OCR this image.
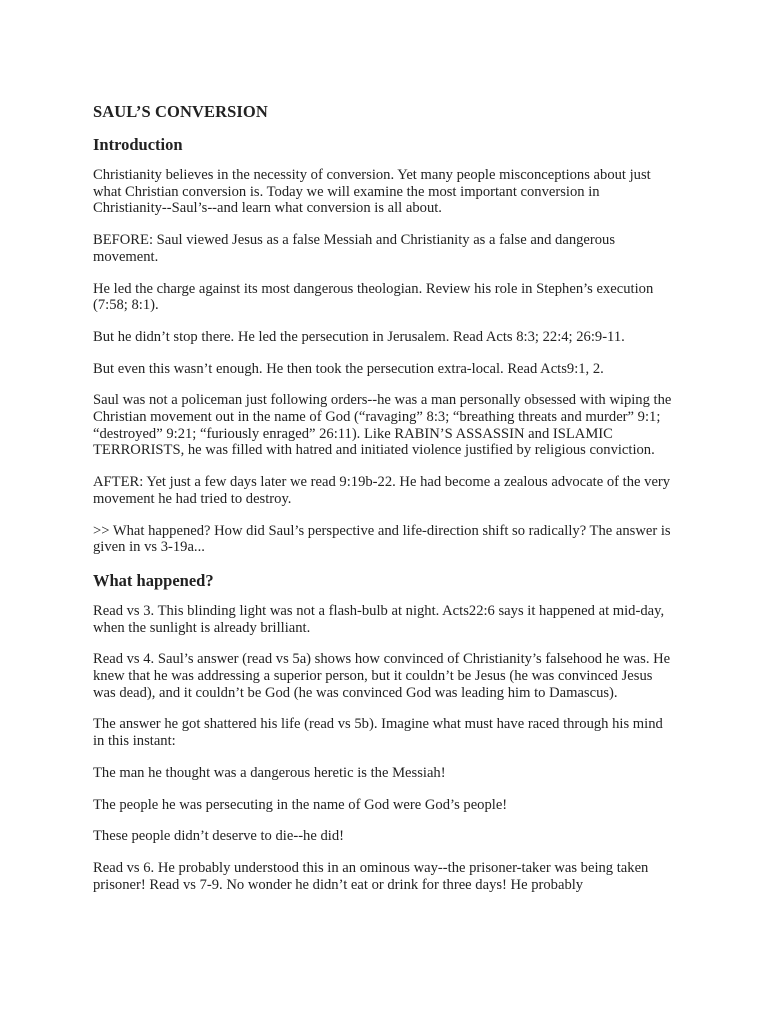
SAUL’S CONVERSION
Introduction

Christianity believes in the necessity of conversion. Yet many people misconceptions about just what Christian conversion is. Today we will examine the most important conversion in Christianity--Saul’s--and learn what conversion is all about.

BEFORE: Saul viewed Jesus as a false Messiah and Christianity as a false and dangerous movement.

He led the charge against its most dangerous theologian. Review his role in Stephen’s execution (7:58; 8:1).

But he didn’t stop there. He led the persecution in Jerusalem. Read Acts 8:3; 22:4; 26:9-11.

But even this wasn’t enough. He then took the persecution extra-local. Read Acts9:1, 2.

Saul was not a policeman just following orders--he was a man personally obsessed with wiping the Christian movement out in the name of God (“ravaging” 8:3; “breathing threats and murder” 9:1; “destroyed” 9:21; “furiously enraged” 26:11). Like RABIN’S ASSASSIN and ISLAMIC TERRORISTS, he was filled with hatred and initiated violence justified by religious conviction.

AFTER: Yet just a few days later we read 9:19b-22. He had become a zealous advocate of the very movement he had tried to destroy.

>> What happened? How did Saul’s perspective and life-direction shift so radically? The answer is given in vs 3-19a...

What happened?

Read vs 3. This blinding light was not a flash-bulb at night. Acts22:6 says it happened at mid-day, when the sunlight is already brilliant.

Read vs 4. Saul’s answer (read vs 5a) shows how convinced of Christianity’s falsehood he was. He knew that he was addressing a superior person, but it couldn’t be Jesus (he was convinced Jesus was dead), and it couldn’t be God (he was convinced God was leading him to Damascus).

The answer he got shattered his life (read vs 5b). Imagine what must have raced through his mind in this instant:

The man he thought was a dangerous heretic is the Messiah!

The people he was persecuting in the name of God were God’s people!

These people didn’t deserve to die--he did!

Read vs 6. He probably understood this in an ominous way--the prisoner-taker was being taken prisoner! Read vs 7-9. No wonder he didn’t eat or drink for three days! He probably
